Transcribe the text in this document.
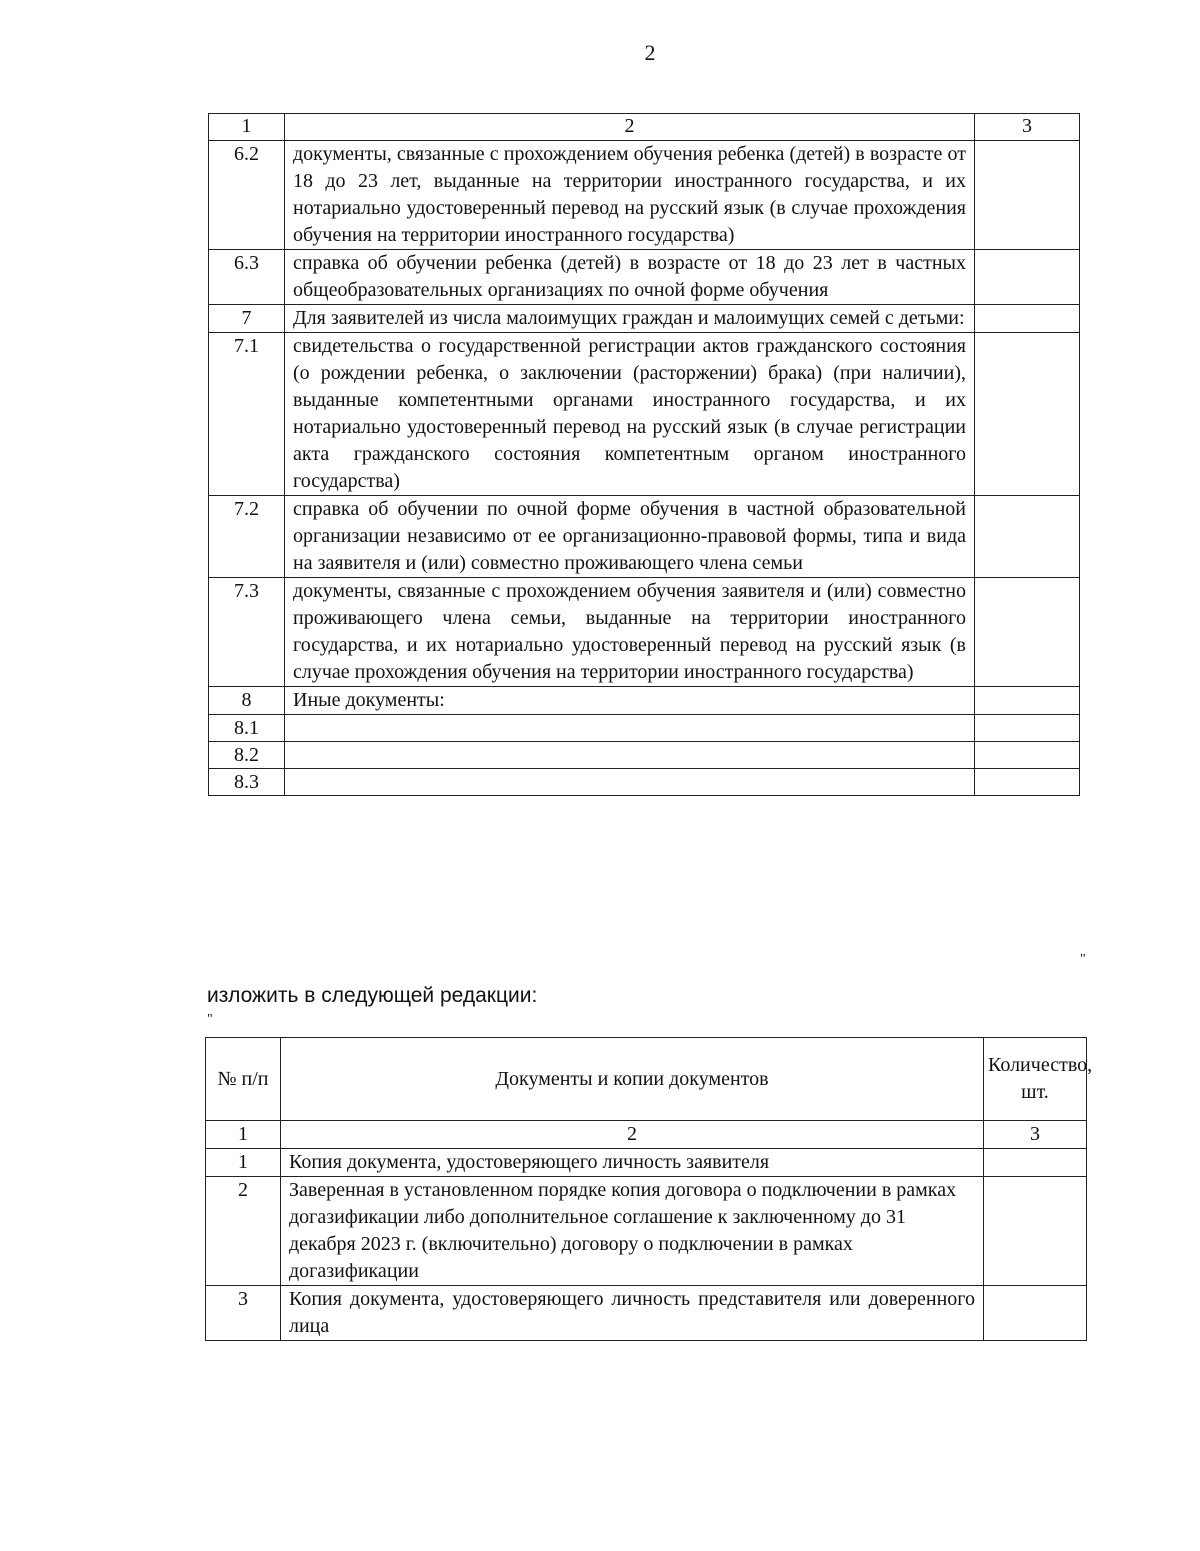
2
1	2	3
6.2	документы, связанные с прохождением обучения ребенка (детей) в возрасте от 18 до 23 лет, выданные на территории иностранного государства, и их нотариально удостоверенный перевод на русский язык (в случае прохождения обучения на территории иностранного государства)	
6.3	справка об обучении ребенка (детей) в возрасте от 18 до 23 лет в частных общеобразовательных организациях по очной форме обучения	
7	Для заявителей из числа малоимущих граждан и малоимущих семей с детьми:	
7.1	свидетельства о государственной регистрации актов гражданского состояния (о рождении ребенка, о заключении (расторжении) брака) (при наличии), выданные компетентными органами иностранного государства, и их нотариально удостоверенный перевод на русский язык (в случае регистрации акта гражданского состояния компетентным органом иностранного государства)	
7.2	справка об обучении по очной форме обучения в частной образовательной организации независимо от ее организационно-правовой формы, типа и вида на заявителя и (или) совместно проживающего члена семьи	
7.3	документы, связанные с прохождением обучения заявителя и (или) совместно проживающего члена семьи, выданные на территории иностранного государства, и их нотариально удостоверенный перевод на русский язык (в случае прохождения обучения на территории иностранного государства)	
8	Иные документы:	
8.1		
8.2		
8.3		
"
изложить в следующей редакции:
"
№ п/п	Документы и копии документов	Количество, шт.
1	2	3
1	Копия документа, удостоверяющего личность заявителя	
2	Заверенная в установленном порядке копия договора о подключении в рамках догазификации либо дополнительное соглашение к заключенному до 31 декабря 2023 г. (включительно) договору о подключении в рамках догазификации	
3	Копия документа, удостоверяющего личность представителя или доверенного лица	
